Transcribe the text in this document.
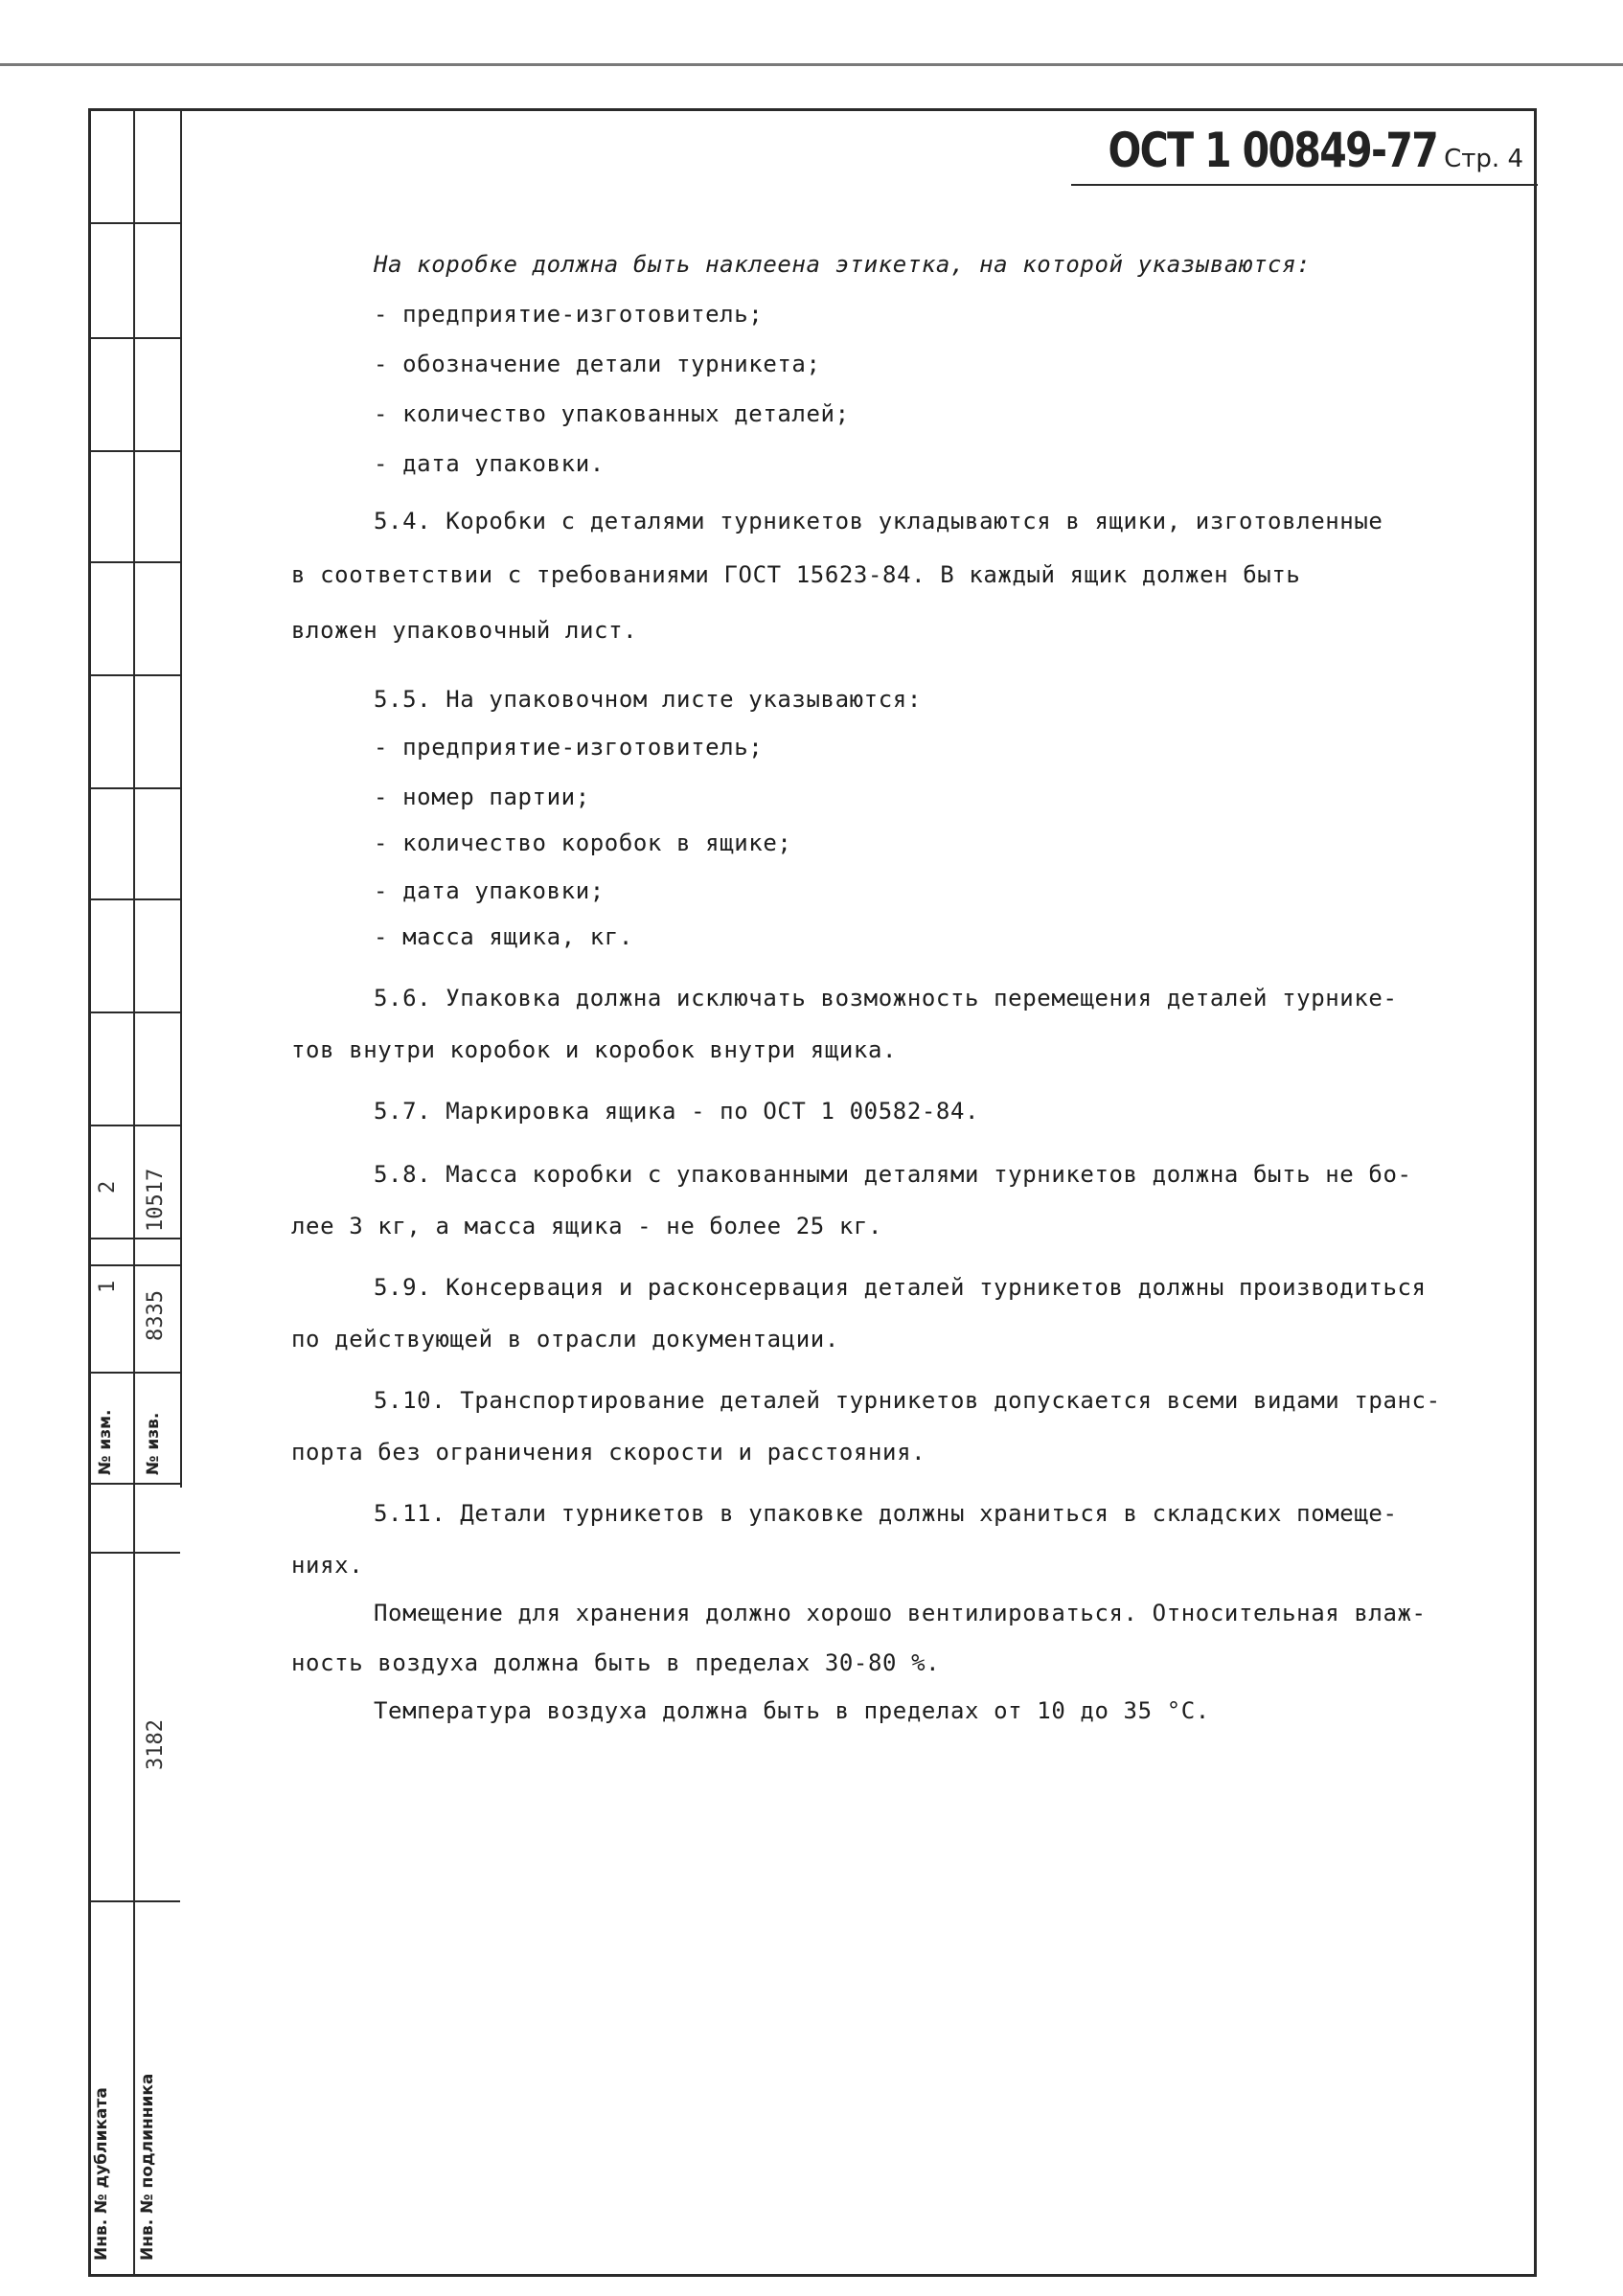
№ изм. № изв.
1
2
8335
10517
3182
Инв. № дубликата Инв. № подлинника
ОСТ 1 00849-77 Стр. 4
На коробке должна быть наклеена этикетка, на которой указываются:
- предприятие-изготовитель;
- обозначение детали турникета;
- количество упакованных деталей;
- дата упаковки.
5.4. Коробки с деталями турникетов укладываются в ящики, изготовленные
в соответствии с требованиями ГОСТ 15623-84. В каждый ящик должен быть
вложен упаковочный лист.
5.5. На упаковочном листе указываются:
- предприятие-изготовитель;
- номер партии;
- количество коробок в ящике;
- дата упаковки;
- масса ящика, кг.
5.6. Упаковка должна исключать возможность перемещения деталей турнике-
тов внутри коробок и коробок внутри ящика.
5.7. Маркировка ящика - по ОСТ 1 00582-84.
5.8. Масса коробки с упакованными деталями турникетов должна быть не бо-
лее 3 кг, а масса ящика - не более 25 кг.
5.9. Консервация и расконсервация деталей турникетов должны производиться
по действующей в отрасли документации.
5.10. Транспортирование деталей турникетов допускается всеми видами транс-
порта без ограничения скорости и расстояния.
5.11. Детали турникетов в упаковке должны храниться в складских помеще-
ниях.
Помещение для хранения должно хорошо вентилироваться. Относительная влаж-
ность воздуха должна быть в пределах 30-80 %.
Температура воздуха должна быть в пределах от 10 до 35 °С.
